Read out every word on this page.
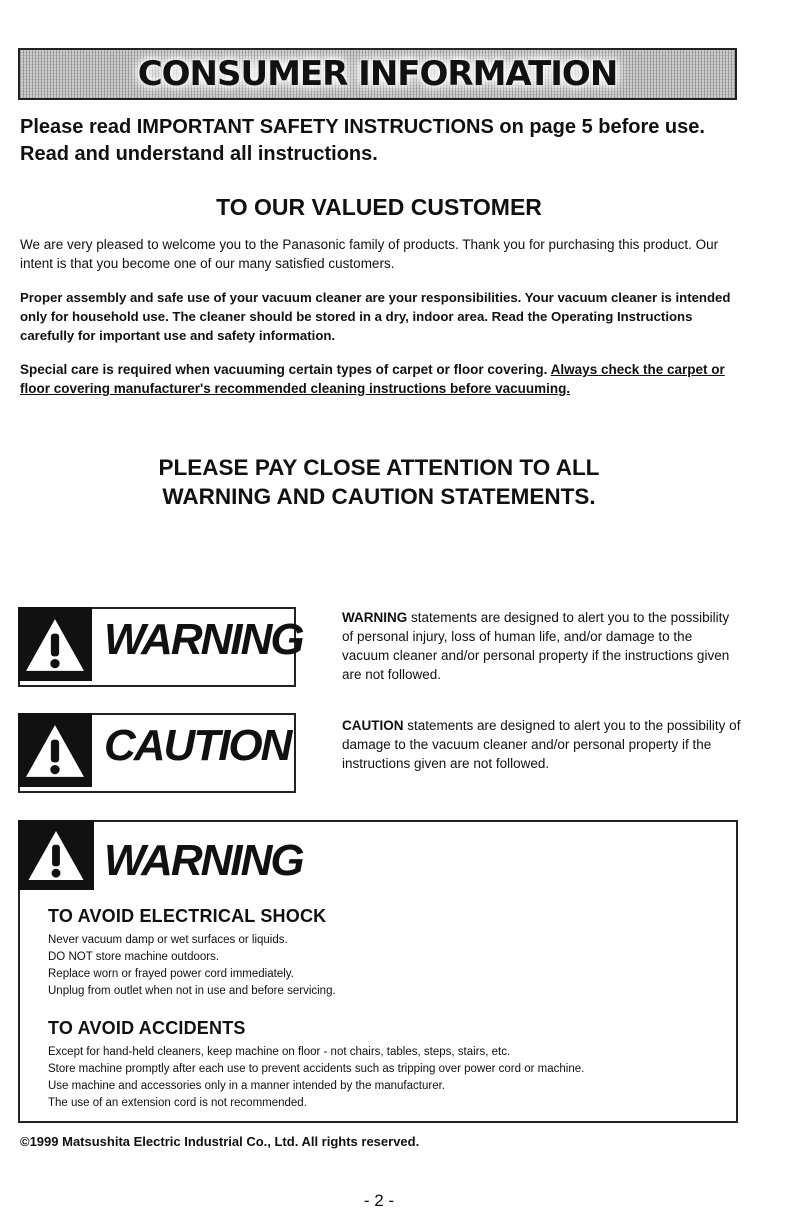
CONSUMER INFORMATION
Please read IMPORTANT SAFETY INSTRUCTIONS on page 5 before use. Read and understand all instructions.
TO OUR VALUED CUSTOMER
We are very pleased to welcome you to the Panasonic family of products. Thank you for purchasing this product. Our intent is that you become one of our many satisfied customers.
Proper assembly and safe use of your vacuum cleaner are your responsibilities. Your vacuum cleaner is intended only for household use. The cleaner should be stored in a dry, indoor area. Read the Operating Instructions carefully for important use and safety information.
Special care is required when vacuuming certain types of carpet or floor covering. Always check the carpet or floor covering manufacturer's recommended cleaning instructions before vacuuming.
PLEASE PAY CLOSE ATTENTION TO ALL
WARNING AND CAUTION STATEMENTS.
WARNING	WARNING statements are designed to alert you to the possibility of personal injury, loss of human life, and/or damage to the vacuum cleaner and/or personal property if the instructions given are not followed.
CAUTION	CAUTION statements are designed to alert you to the possibility of damage to the vacuum cleaner and/or personal property if the instructions given are not followed.
WARNING
TO AVOID ELECTRICAL SHOCK
Never vacuum damp or wet surfaces or liquids.
DO NOT store machine outdoors.
Replace worn or frayed power cord immediately.
Unplug from outlet when not in use and before servicing.
TO AVOID ACCIDENTS
Except for hand-held cleaners, keep machine on floor - not chairs, tables, steps, stairs, etc.
Store machine promptly after each use to prevent accidents such as tripping over power cord or machine.
Use machine and accessories only in a manner intended by the manufacturer.
The use of an extension cord is not recommended.
©1999 Matsushita Electric Industrial Co., Ltd. All rights reserved.
- 2 -
